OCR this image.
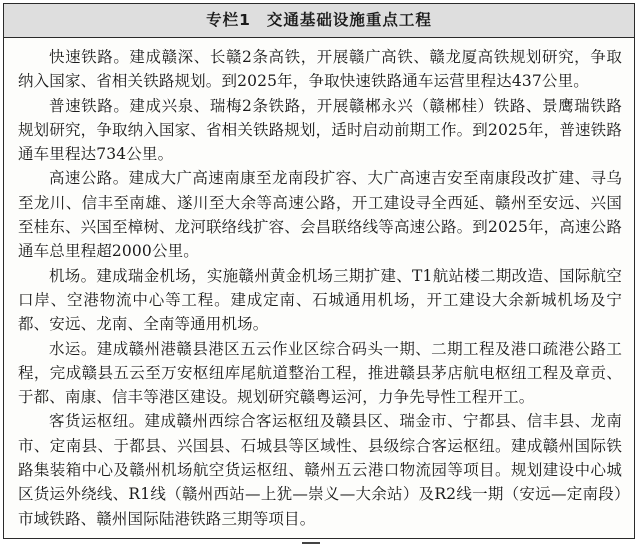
专栏1 交通基础设施重点工程

快速铁路。建成赣深、长赣2条高铁，开展赣广高铁、赣龙厦高铁规划研究，争取纳入国家、省相关铁路规划。到2025年，争取快速铁路通车运营里程达437公里。

普速铁路。建成兴泉、瑞梅2条铁路，开展赣郴永兴（赣郴桂）铁路、景鹰瑞铁路规划研究，争取纳入国家、省相关铁路规划，适时启动前期工作。到2025年，普速铁路通车里程达734公里。

高速公路。建成大广高速南康至龙南段扩容、大广高速吉安至南康段改扩建、寻乌至龙川、信丰至南雄、遂川至大余等高速公路，开工建设寻全西延、赣州至安远、兴国至桂东、兴国至樟树、龙河联络线扩容、会昌联络线等高速公路。到2025年，高速公路通车总里程超2000公里。

机场。建成瑞金机场，实施赣州黄金机场三期扩建、T1航站楼二期改造、国际航空口岸、空港物流中心等工程。建成定南、石城通用机场，开工建设大余新城机场及宁都、安远、龙南、全南等通用机场。

水运。建成赣州港赣县港区五云作业区综合码头一期、二期工程及港口疏港公路工程，完成赣县五云至万安枢纽库尾航道整治工程，推进赣县茅店航电枢纽工程及章贡、于都、南康、信丰等港区建设。规划研究赣粤运河，力争先导性工程开工。

客货运枢纽。建成赣州西综合客运枢纽及赣县区、瑞金市、宁都县、信丰县、龙南市、定南县、于都县、兴国县、石城县等区域性、县级综合客运枢纽。建成赣州国际铁路集装箱中心及赣州机场航空货运枢纽、赣州五云港口物流园等项目。规划建设中心城区货运外绕线、R1线（赣州西站—上犹—崇义—大余站）及R2线一期（安远—定南段）市域铁路、赣州国际陆港铁路三期等项目。
